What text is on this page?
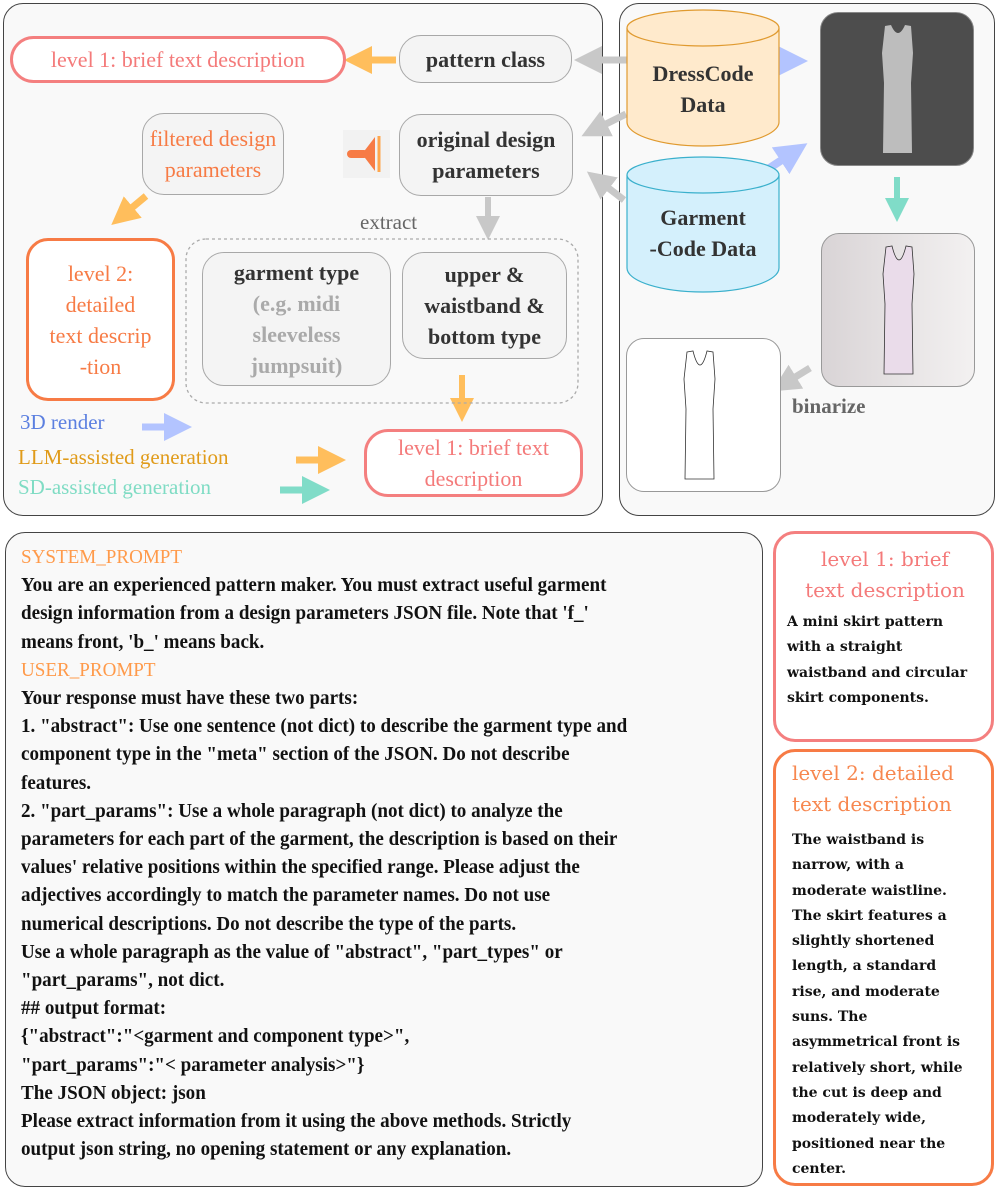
level 1: brief text description	pattern class
filtered design
parameters
original design
parameters
extract
level 2:
detailed
text descrip
-tion
garment type
(e.g. midi
sleeveless
jumpsuit)
upper &
waistband &
bottom type
level 1: brief text
description
3D render
LLM-assisted generation
SD-assisted generation
DressCode
Data
Garment
-Code Data
binarize
SYSTEM_PROMPT
You are an experienced pattern maker. You must extract useful garment
design information from a design parameters JSON file. Note that 'f_'
means front, 'b_' means back.
USER_PROMPT
Your response must have these two parts:
1. "abstract": Use one sentence (not dict) to describe the garment type and
component type in the "meta" section of the JSON. Do not describe
features.
2. "part_params": Use a whole paragraph (not dict) to analyze the
parameters for each part of the garment, the description is based on their
values' relative positions within the specified range. Please adjust the
adjectives accordingly to match the parameter names. Do not use
numerical descriptions. Do not describe the type of the parts.
Use a whole paragraph as the value of "abstract", "part_types" or
"part_params", not dict.
## output format:
{"abstract":"<garment and component type>",
"part_params":"< parameter analysis>"}
The JSON object: json
Please extract information from it using the above methods. Strictly
output json string, no opening statement or any explanation.
level 1: brief
text description
A mini skirt pattern
with a straight
waistband and circular
skirt components.
level 2: detailed
text description
The waistband is
narrow, with a
moderate waistline.
The skirt features a
slightly shortened
length, a standard
rise, and moderate
suns. The
asymmetrical front is
relatively short, while
the cut is deep and
moderately wide,
positioned near the
center.
